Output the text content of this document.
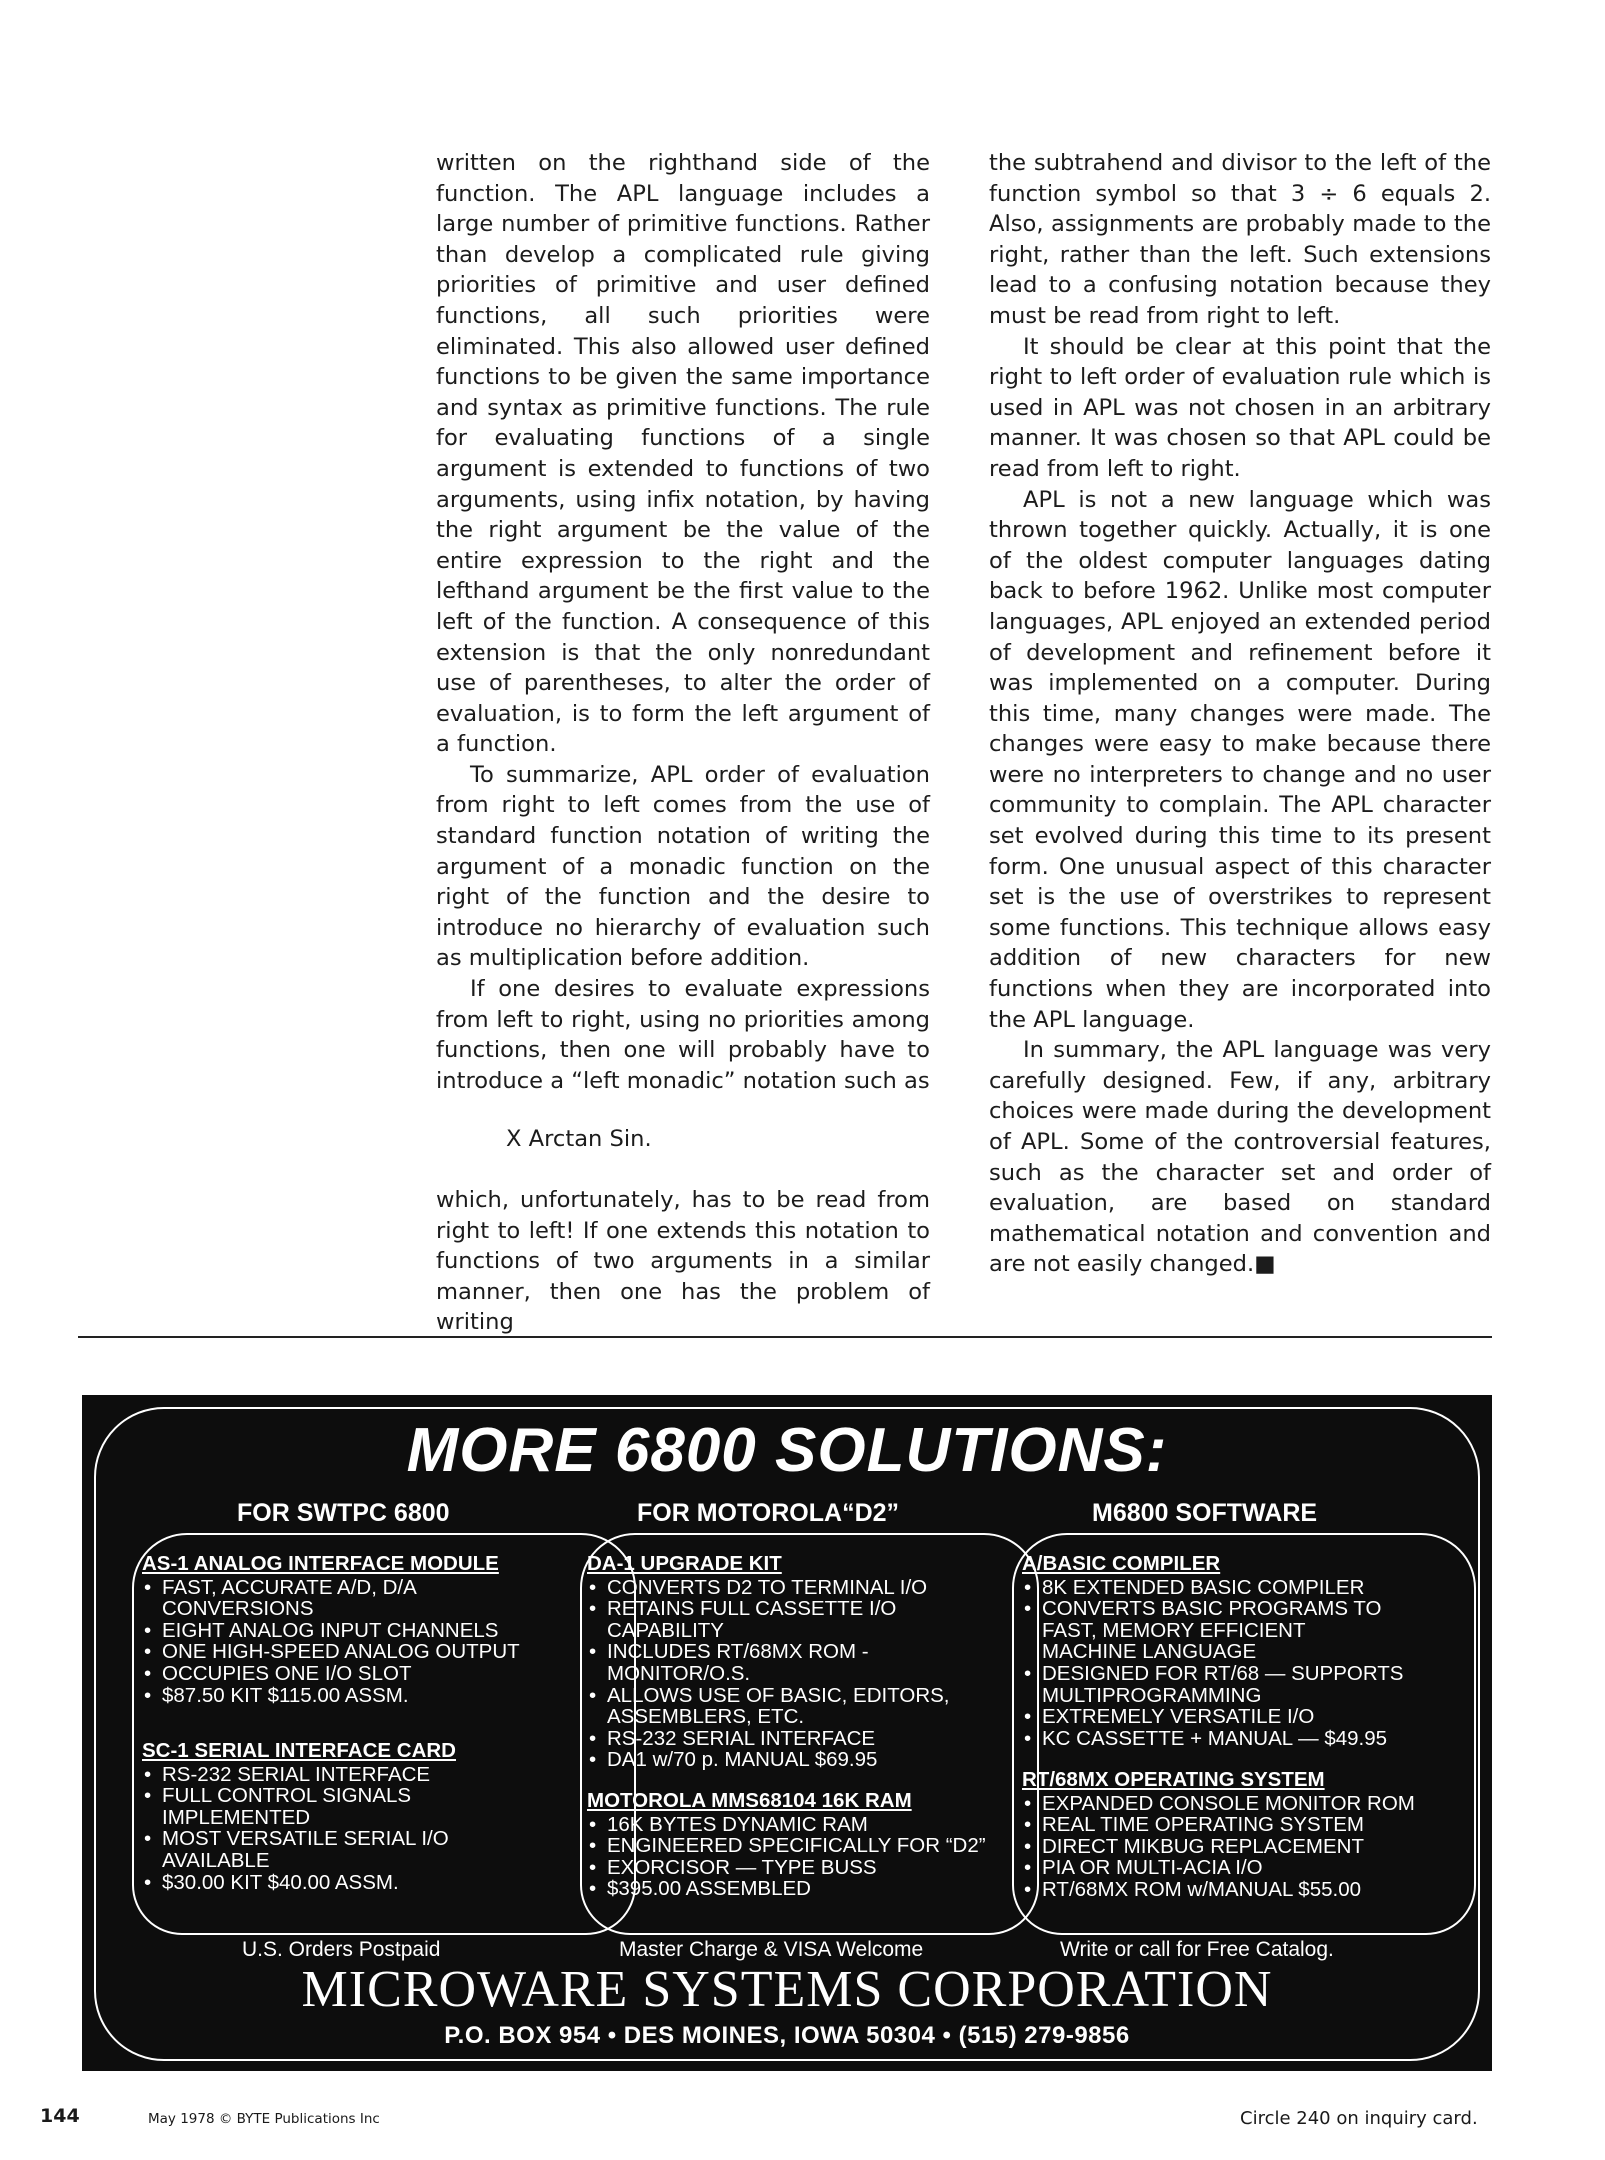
written on the righthand side of the function. The APL language includes a large number of primitive functions. Rather than develop a complicated rule giving priorities of primitive and user defined functions, all such priorities were eliminated. This also allowed user defined functions to be given the same importance and syntax as primitive functions. The rule for evaluating functions of a single argument is extended to functions of two arguments, using infix notation, by having the right argument be the value of the entire expression to the right and the lefthand argument be the first value to the left of the function. A consequence of this extension is that the only nonredundant use of parentheses, to alter the order of evaluation, is to form the left argument of a function.

To summarize, APL order of evaluation from right to left comes from the use of standard function notation of writing the argument of a monadic function on the right of the function and the desire to introduce no hierarchy of evaluation such as multiplication before addition.

If one desires to evaluate expressions from left to right, using no priorities among functions, then one will probably have to introduce a “left monadic” notation such as

X Arctan Sin.

which, unfortunately, has to be read from right to left! If one extends this notation to functions of two arguments in a similar manner, then one has the problem of writing

the subtrahend and divisor to the left of the function symbol so that 3 ÷ 6 equals 2. Also, assignments are probably made to the right, rather than the left. Such extensions lead to a confusing notation because they must be read from right to left.

It should be clear at this point that the right to left order of evaluation rule which is used in APL was not chosen in an arbitrary manner. It was chosen so that APL could be read from left to right.

APL is not a new language which was thrown together quickly. Actually, it is one of the oldest computer languages dating back to before 1962. Unlike most computer languages, APL enjoyed an extended period of development and refinement before it was implemented on a computer. During this time, many changes were made. The changes were easy to make because there were no interpreters to change and no user community to complain. The APL character set evolved during this time to its present form. One unusual aspect of this character set is the use of overstrikes to represent some functions. This technique allows easy addition of new characters for new functions when they are incorporated into the APL language.

In summary, the APL language was very carefully designed. Few, if any, arbitrary choices were made during the development of APL. Some of the controversial features, such as the character set and order of evaluation, are based on standard mathematical notation and convention and are not easily changed.■

MORE 6800 SOLUTIONS:
FOR SWTPC 6800	FOR MOTOROLA“D2”	M6800 SOFTWARE
AS-1 ANALOG INTERFACE MODULE
• FAST, ACCURATE A/D, D/A
CONVERSIONS
• EIGHT ANALOG INPUT CHANNELS
• ONE HIGH-SPEED ANALOG OUTPUT
• OCCUPIES ONE I/O SLOT
• $87.50 KIT $115.00 ASSM.
SC-1 SERIAL INTERFACE CARD
• RS-232 SERIAL INTERFACE
• FULL CONTROL SIGNALS
IMPLEMENTED
• MOST VERSATILE SERIAL I/O
AVAILABLE
• $30.00 KIT $40.00 ASSM.
DA-1 UPGRADE KIT
• CONVERTS D2 TO TERMINAL I/O
• RETAINS FULL CASSETTE I/O
CAPABILITY
• INCLUDES RT/68MX ROM -
MONITOR/O.S.
• ALLOWS USE OF BASIC, EDITORS,
ASSEMBLERS, ETC.
• RS-232 SERIAL INTERFACE
• DA1 w/70 p. MANUAL $69.95
MOTOROLA MMS68104 16K RAM
• 16K BYTES DYNAMIC RAM
• ENGINEERED SPECIFICALLY FOR “D2”
• EXORCISOR — TYPE BUSS
• $395.00 ASSEMBLED
A/BASIC COMPILER
• 8K EXTENDED BASIC COMPILER
• CONVERTS BASIC PROGRAMS TO
FAST, MEMORY EFFICIENT
MACHINE LANGUAGE
• DESIGNED FOR RT/68 — SUPPORTS
MULTIPROGRAMMING
• EXTREMELY VERSATILE I/O
• KC CASSETTE + MANUAL — $49.95
RT/68MX OPERATING SYSTEM
• EXPANDED CONSOLE MONITOR ROM
• REAL TIME OPERATING SYSTEM
• DIRECT MIKBUG REPLACEMENT
• PIA OR MULTI-ACIA I/O
• RT/68MX ROM w/MANUAL $55.00
U.S. Orders Postpaid	Master Charge & VISA Welcome	Write or call for Free Catalog.
MICROWARE SYSTEMS CORPORATION
P.O. BOX 954 • DES MOINES, IOWA 50304 • (515) 279-9856
144	May 1978 © BYTE Publications Inc	Circle 240 on inquiry card.
